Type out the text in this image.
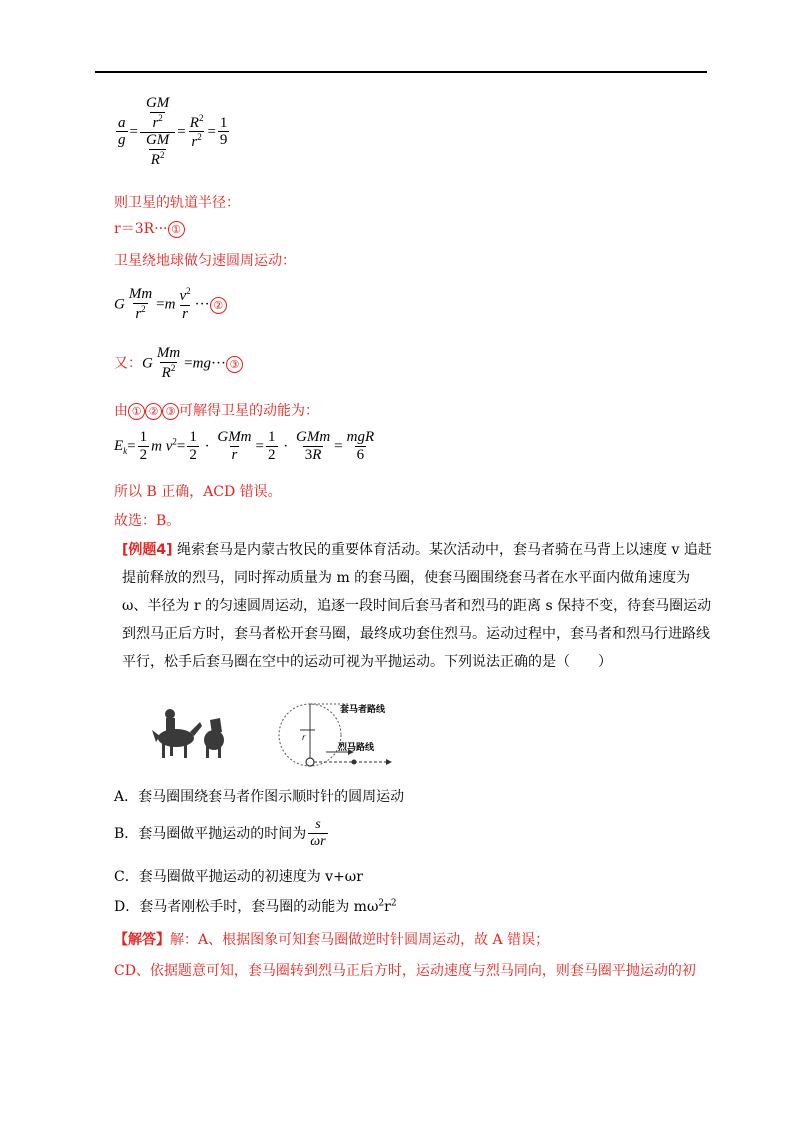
$\frac{a}{g} = \frac{\frac{GM}{r^2}}{\frac{GM}{R^2}} = \frac{R^2}{r^2} = \frac{1}{9}$
则卫星的轨道半径：
r＝3R··· ①
卫星绕地球做匀速圆周运动：
G $\frac{Mm}{r^2} =m \frac{v^2}{r}$ ··· ②
又：G $\frac{Mm}{R^2} =mg\cdot\cdot\cdot$ ③
由 ① ② ③ 可解得卫星的动能为：
$E_k= \frac{1}{2}$ m $v^2= \frac{1}{2} \cdot \frac{\text{GMm}}{r} = \frac{1}{2} \cdot \frac{\text{GMm}}{3R} = \frac{\text{mgR}}{6}$
所以 B 正确，ACD 错误。
故选：B。
[例题4] 绳索套马是内蒙古牧民的重要体育活动。某次活动中，套马者骑在马背上以速度 v 追赶提前释放的烈马，同时挥动质量为 m 的套马圈，使套马圈围绕套马者在水平面内做角速度为 ω、半径为 r 的匀速圆周运动，追逐一段时间后套马者和烈马的距离 s 保持不变，待套马圈运动到烈马正后方时，套马者松开套马圈，最终成功套住烈马。运动过程中，套马者和烈马行进路线平行，松手后套马圈在空中的运动可视为平抛运动。下列说法正确的是（　　）
r
套马者路线
烈马路线
A．套马圈围绕套马者作图示顺时针的圆周运动
B．套马圈做平抛运动的时间为 $\frac{s}{\omega r}$
C．套马圈做平抛运动的初速度为 v+ωr
D．套马者刚松手时，套马圈的动能为 $m\omega^2r^2$
【解答】解：A、根据图象可知套马圈做逆时针圆周运动，故 A 错误；
CD、依据题意可知，套马圈转到烈马正后方时，运动速度与烈马同向，则套马圈平抛运动的初
